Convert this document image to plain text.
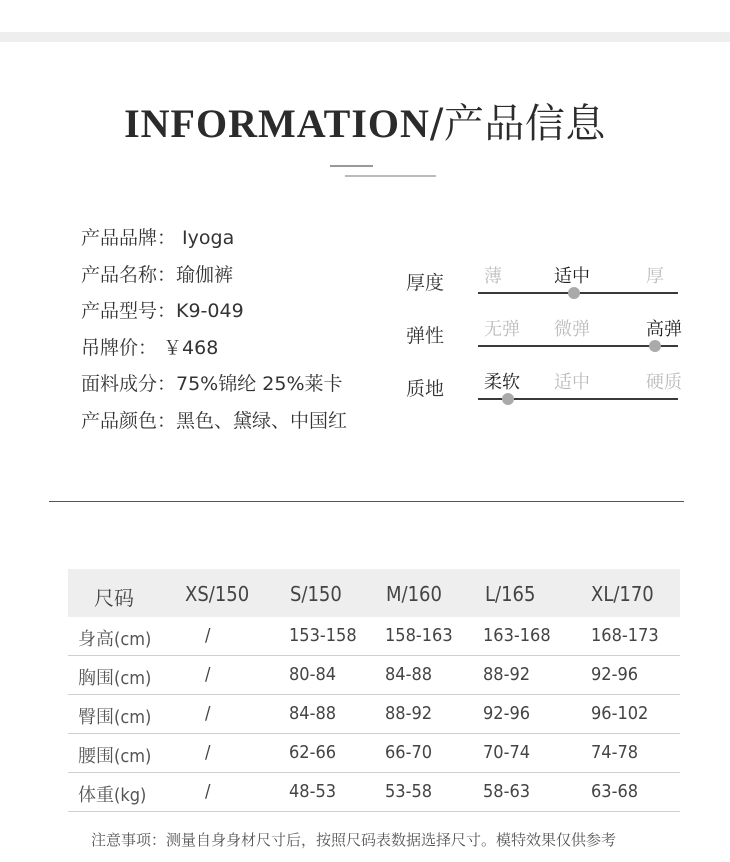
INFORMATION/产品信息
产品品牌： Iyoga
产品名称：瑜伽裤
产品型号：K9-049
吊牌价： ￥468
面料成分：75%锦纶 25%莱卡
产品颜色：黑色、黛绿、中国红
厚度 薄	适中	厚
弹性 无弹 微弹	高弹
质地 柔软 适中	硬质
尺码	XS/150 S/150 M/160 L/165	XL/170
身高(cm)	/	153-158 158-163 163-168 168-173
胸围(cm)	/	80-84	84-88	88-92	92-96
臀围(cm)	/	84-88	88-92	92-96	96-102
腰围(cm)	/	62-66	66-70	70-74	74-78
体重(kg)	/	48-53	53-58	58-63	63-68
注意事项：测量自身身材尺寸后，按照尺码表数据选择尺寸。模特效果仅供参考
